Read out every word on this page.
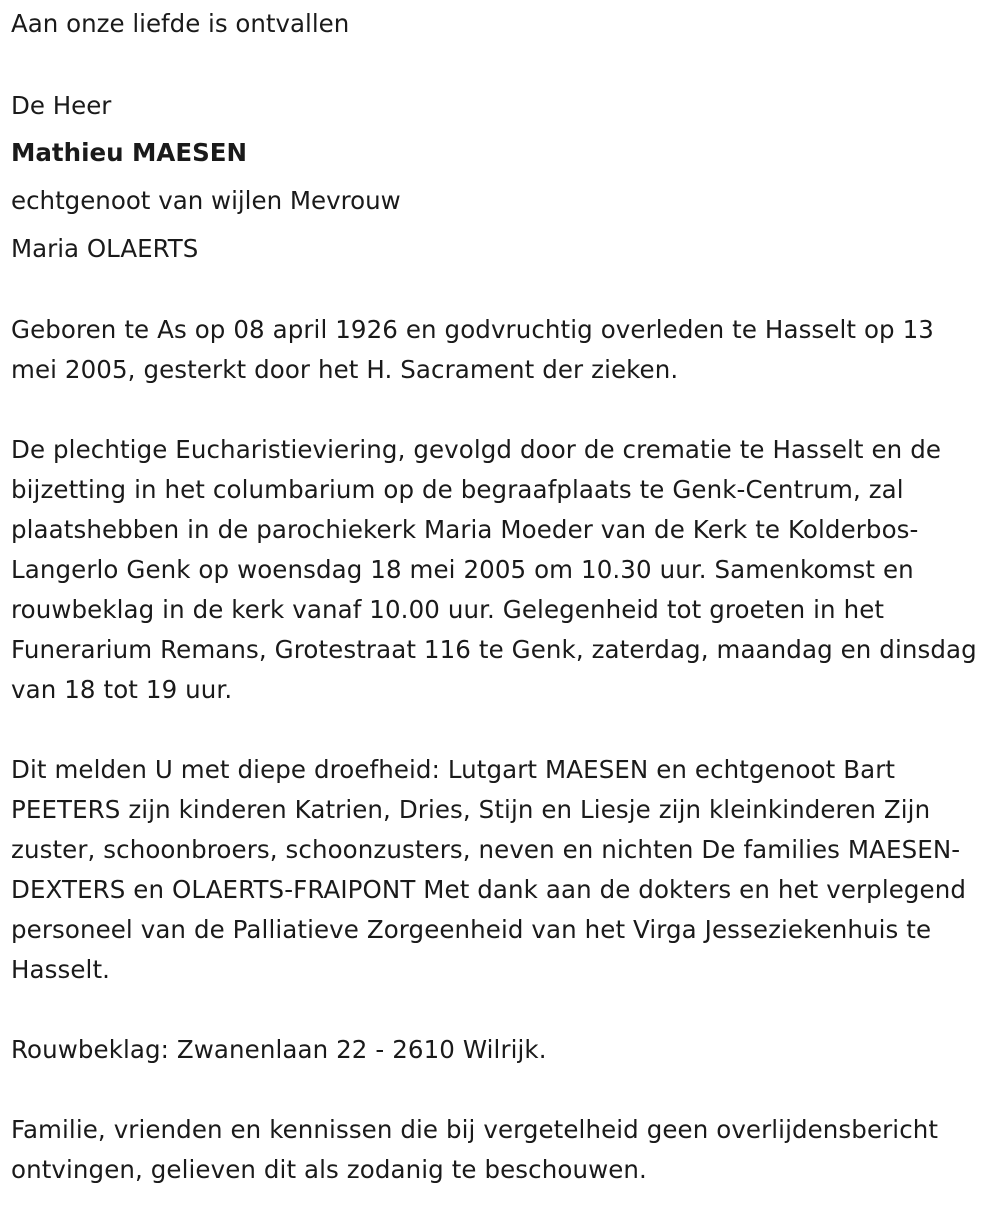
Aan onze liefde is ontvallen
De Heer
Mathieu MAESEN
echtgenoot van wijlen Mevrouw
Maria OLAERTS
Geboren te As op 08 april 1926 en godvruchtig overleden te Hasselt op 13 mei 2005, gesterkt door het H. Sacrament der zieken.
De plechtige Eucharistieviering, gevolgd door de crematie te Hasselt en de bijzetting in het columbarium op de begraafplaats te Genk-Centrum, zal plaatshebben in de parochiekerk Maria Moeder van de Kerk te Kolderbos-Langerlo Genk op woensdag 18 mei 2005 om 10.30 uur. Samenkomst en rouwbeklag in de kerk vanaf 10.00 uur. Gelegenheid tot groeten in het Funerarium Remans, Grotestraat 116 te Genk, zaterdag, maandag en dinsdag van 18 tot 19 uur.
Dit melden U met diepe droefheid: Lutgart MAESEN en echtgenoot Bart PEETERS zijn kinderen Katrien, Dries, Stijn en Liesje zijn kleinkinderen Zijn zuster, schoonbroers, schoonzusters, neven en nichten De families MAESEN-DEXTERS en OLAERTS-FRAIPONT Met dank aan de dokters en het verplegend personeel van de Palliatieve Zorgeenheid van het Virga Jesseziekenhuis te Hasselt.
Rouwbeklag: Zwanenlaan 22 - 2610 Wilrijk.
Familie, vrienden en kennissen die bij vergetelheid geen overlijdensbericht ontvingen, gelieven dit als zodanig te beschouwen.
